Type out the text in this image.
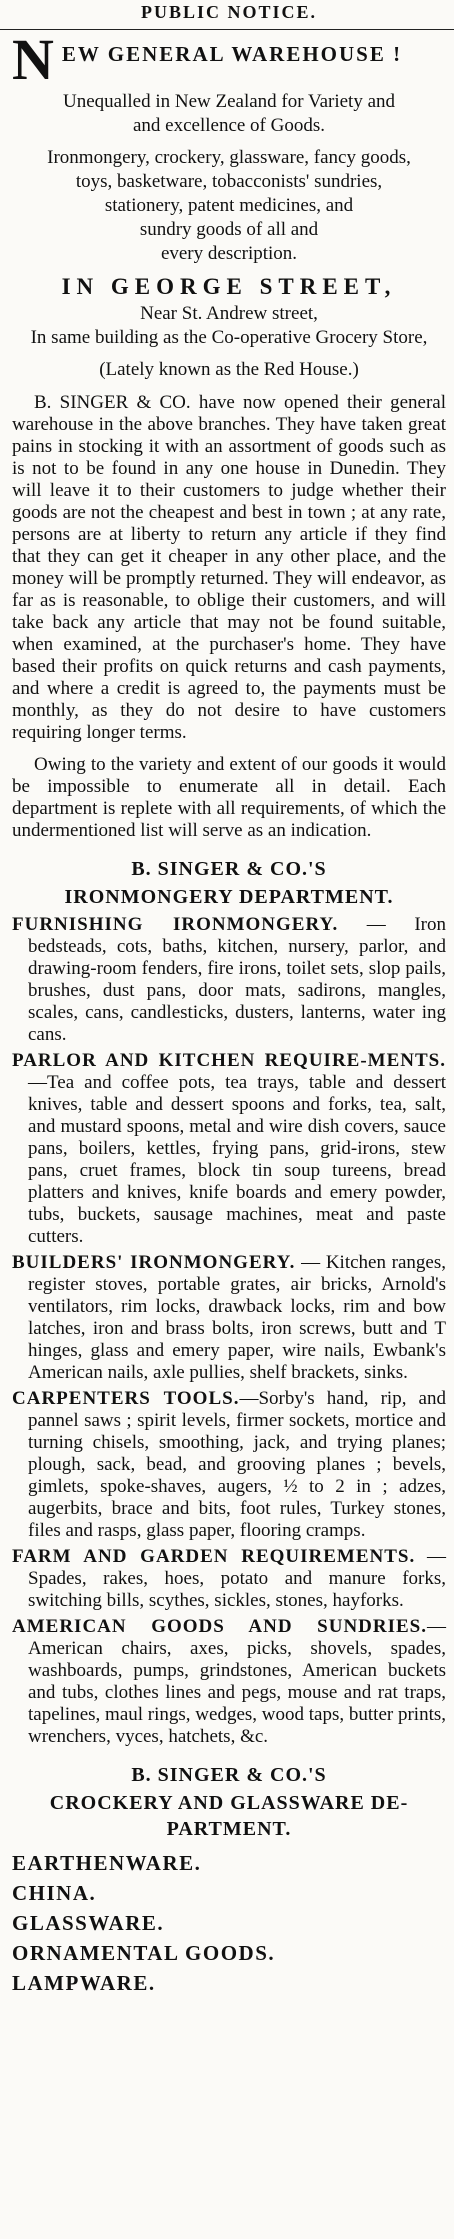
PUBLIC NOTICE.
N EW GENERAL WAREHOUSE !

Unequalled in New Zealand for Variety and

and excellence of Goods.

Ironmongery, crockery, glassware, fancy goods,

toys, basketware, tobacconists' sundries,

stationery, patent medicines, and

sundry goods of all and

every description.

IN GEORGE STREET,
Near St. Andrew street,
In same building as the Co-operative Grocery Store,
(Lately known as the Red House.)

B. SINGER & CO. have now opened their general warehouse in the above branches. They have taken great pains in stocking it with an assortment of goods such as is not to be found in any one house in Dunedin. They will leave it to their customers to judge whether their goods are not the cheapest and best in town ; at any rate, persons are at liberty to return any article if they find that they can get it cheaper in any other place, and the money will be promptly returned. They will endeavor, as far as is reasonable, to oblige their customers, and will take back any article that may not be found suitable, when examined, at the purchaser's home. They have based their profits on quick returns and cash payments, and where a credit is agreed to, the payments must be monthly, as they do not desire to have customers requiring longer terms.

Owing to the variety and extent of our goods it would be impossible to enumerate all in detail. Each department is replete with all requirements, of which the undermentioned list will serve as an indication.

B. SINGER & CO.'S
IRONMONGERY DEPARTMENT.

FURNISHING IRONMONGERY. — Iron bedsteads, cots, baths, kitchen, nursery, parlor, and drawing-room fenders, fire irons, toilet sets, slop pails, brushes, dust pans, door mats, sadirons, mangles, scales, cans, candlesticks, dusters, lanterns, water ing cans.

PARLOR AND KITCHEN REQUIRE-MENTS.—Tea and coffee pots, tea trays, table and dessert knives, table and dessert spoons and forks, tea, salt, and mustard spoons, metal and wire dish covers, sauce pans, boilers, kettles, frying pans, grid-irons, stew pans, cruet frames, block tin soup tureens, bread platters and knives, knife boards and emery powder, tubs, buckets, sausage machines, meat and paste cutters.

BUILDERS' IRONMONGERY. — Kitchen ranges, register stoves, portable grates, air bricks, Arnold's ventilators, rim locks, drawback locks, rim and bow latches, iron and brass bolts, iron screws, butt and T hinges, glass and emery paper, wire nails, Ewbank's American nails, axle pullies, shelf brackets, sinks.

CARPENTERS TOOLS.—Sorby's hand, rip, and pannel saws ; spirit levels, firmer sockets, mortice and turning chisels, smoothing, jack, and trying planes; plough, sack, bead, and grooving planes ; bevels, gimlets, spoke-shaves, augers, ½ to 2 in ; adzes, augerbits, brace and bits, foot rules, Turkey stones, files and rasps, glass paper, flooring cramps.

FARM AND GARDEN REQUIREMENTS. —Spades, rakes, hoes, potato and manure forks, switching bills, scythes, sickles, stones, hayforks.

AMERICAN GOODS AND SUNDRIES.— American chairs, axes, picks, shovels, spades, washboards, pumps, grindstones, American buckets and tubs, clothes lines and pegs, mouse and rat traps, tapelines, maul rings, wedges, wood taps, butter prints, wrenchers, vyces, hatchets, &c.

B. SINGER & CO.'S
CROCKERY AND GLASSWARE DE-PARTMENT.
EARTHENWARE.
CHINA.
GLASSWARE.
ORNAMENTAL GOODS.
LAMPWARE.
